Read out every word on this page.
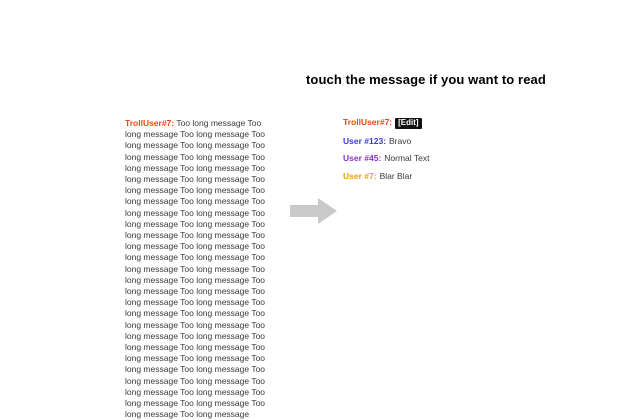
touch the message if you want to read
TrollUser#7: Too long message Too long message Too long message Too long message Too long message Too long message Too long message Too long message Too long message Too long message Too long message Too long message Too long message Too long message Too long message Too long message Too long message Too long message Too long message Too long message Too long message Too long message Too long message Too long message Too long message Too long message Too long message Too long message Too long message Too long message Too long message Too long message Too long message Too long message Too long message Too long message Too long message Too long message Too long message Too long message Too long message Too long message Too long message Too long message Too long message Too long message Too long message Too long message Too long message Too long message Too long message Too long message Too long message
TrollUser#7: [Edit]
User #123: Bravo
User #45: Normal Text
User #7: Blar Blar
